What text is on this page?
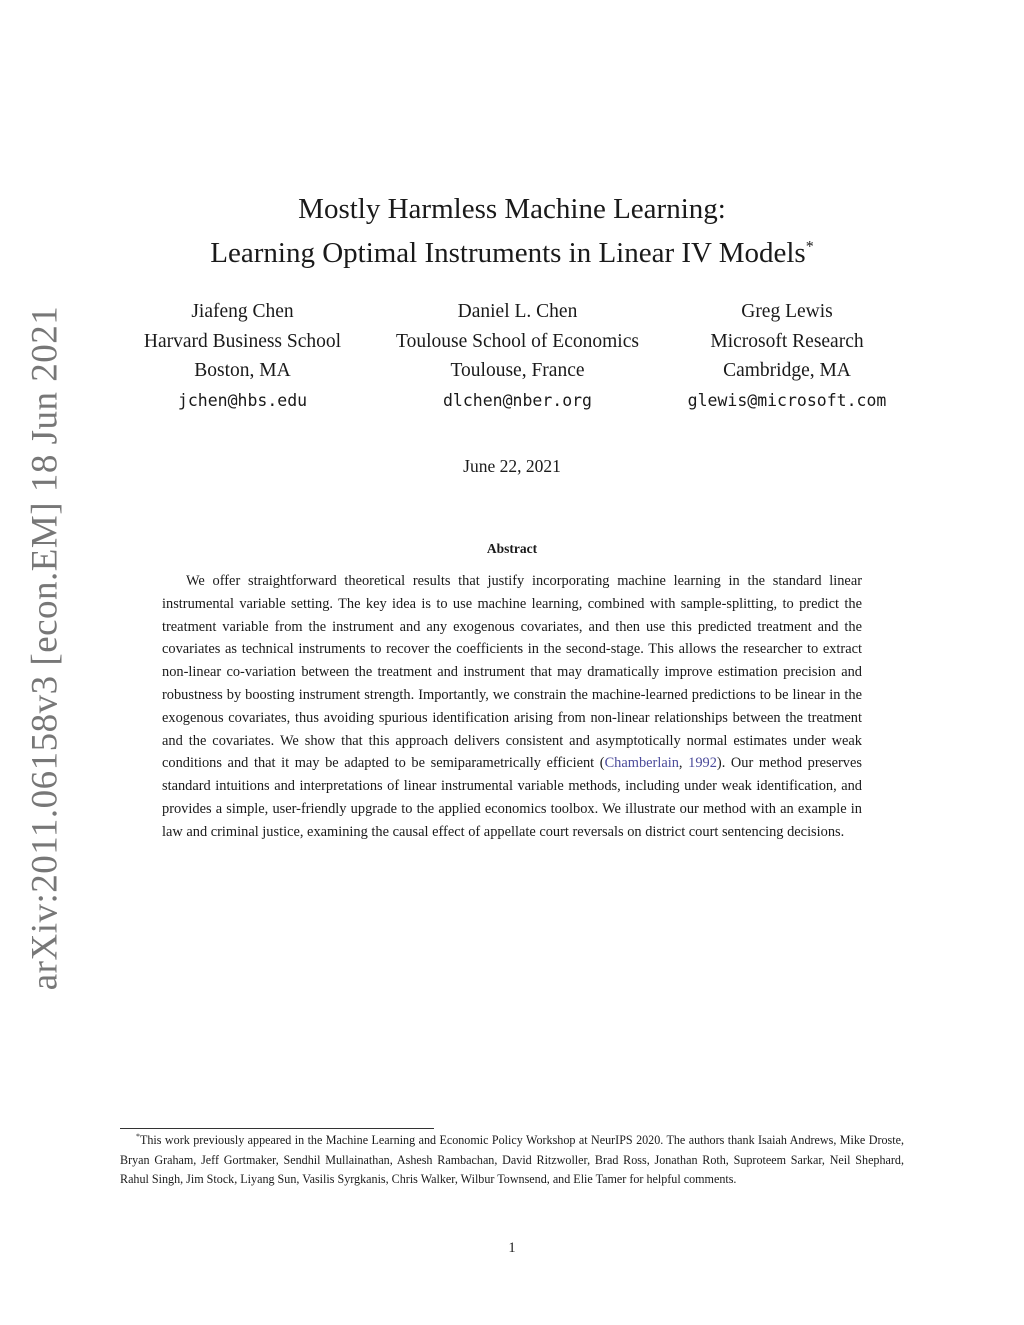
arXiv:2011.06158v3 [econ.EM] 18 Jun 2021
Mostly Harmless Machine Learning:
Learning Optimal Instruments in Linear IV Models*
Jiafeng Chen
Harvard Business School
Boston, MA
jchen@hbs.edu
Daniel L. Chen
Toulouse School of Economics
Toulouse, France
dlchen@nber.org
Greg Lewis
Microsoft Research
Cambridge, MA
glewis@microsoft.com
June 22, 2021
Abstract
We offer straightforward theoretical results that justify incorporating machine learning in the standard linear instrumental variable setting. The key idea is to use machine learning, combined with sample-splitting, to predict the treatment variable from the instrument and any exogenous covariates, and then use this predicted treatment and the covariates as technical instruments to recover the coefficients in the second-stage. This allows the researcher to extract non-linear co-variation between the treatment and instrument that may dramatically improve estimation precision and robustness by boosting instrument strength. Importantly, we constrain the machine-learned predictions to be linear in the exogenous covariates, thus avoiding spurious identification arising from non-linear relationships between the treatment and the covariates. We show that this approach delivers consistent and asymptotically normal estimates under weak conditions and that it may be adapted to be semiparametrically efficient (Chamberlain, 1992). Our method preserves standard intuitions and interpretations of linear instrumental variable methods, including under weak identification, and provides a simple, user-friendly upgrade to the applied economics toolbox. We illustrate our method with an example in law and criminal justice, examining the causal effect of appellate court reversals on district court sentencing decisions.
*This work previously appeared in the Machine Learning and Economic Policy Workshop at NeurIPS 2020. The authors thank Isaiah Andrews, Mike Droste, Bryan Graham, Jeff Gortmaker, Sendhil Mullainathan, Ashesh Rambachan, David Ritzwoller, Brad Ross, Jonathan Roth, Suproteem Sarkar, Neil Shephard, Rahul Singh, Jim Stock, Liyang Sun, Vasilis Syrgkanis, Chris Walker, Wilbur Townsend, and Elie Tamer for helpful comments.
1
